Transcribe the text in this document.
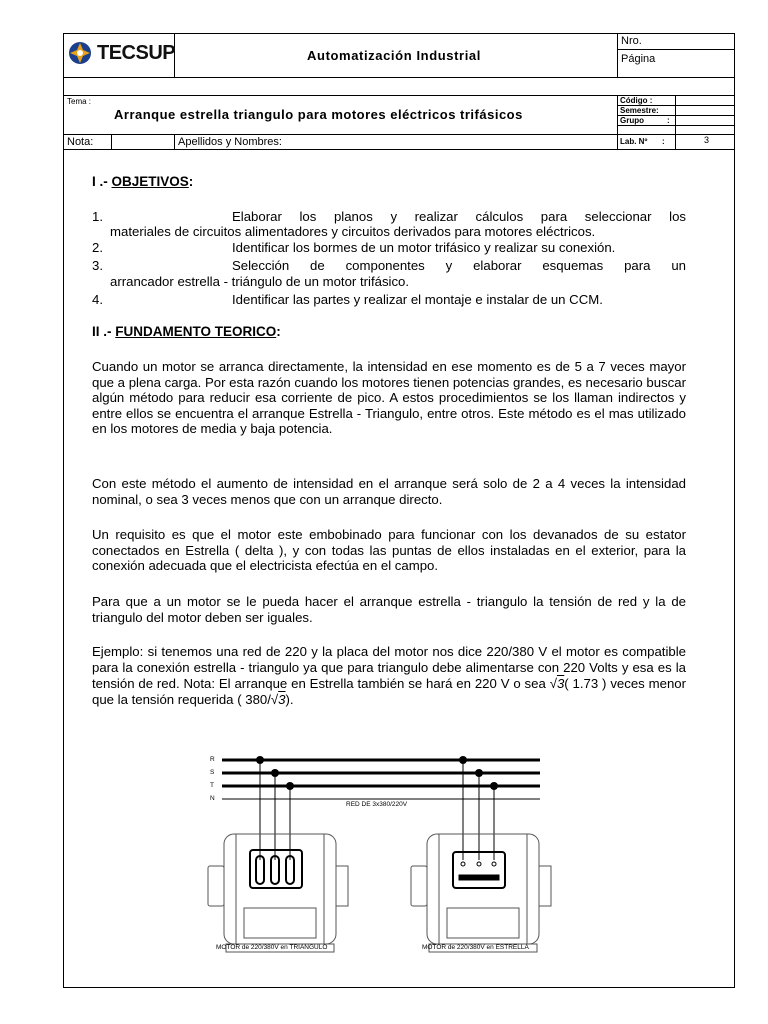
TECSUP	Automatización Industrial
Nro.
Página
Tema :
Arranque estrella triangulo para motores eléctricos trifásicos
Código :
Semestre:
Grupo	:
Lab. Nº :	3
Nota:	Apellidos y Nombres:
I .- OBJETIVOS:
1.	Elaborar los planos y realizar cálculos para seleccionar los
materiales de circuitos alimentadores y circuitos derivados para motores eléctricos.
2.	Identificar los bormes de un motor trifásico y realizar su conexión.
3.	Selección de componentes y elaborar esquemas para un
arrancador estrella - triángulo de un motor trifásico.
4.	Identificar las partes y realizar el montaje e instalar de un CCM.
II .- FUNDAMENTO TEORICO:
Cuando un motor se arranca directamente, la intensidad en ese momento es de 5 a 7 veces mayor que a plena carga. Por esta razón cuando los motores tienen potencias grandes, es necesario buscar algún método para reducir esa corriente de pico. A estos procedimientos se los llaman indirectos y entre ellos se encuentra el arranque Estrella - Triangulo, entre otros. Este método es el mas utilizado en los motores de media y baja potencia.
Con este método el aumento de intensidad en el arranque será solo de 2 a 4 veces la intensidad nominal, o sea 3 veces menos que con un arranque directo.
Un requisito es que el motor este embobinado para funcionar con los devanados de su estator conectados en Estrella ( delta ), y con todas las puntas de ellos instaladas en el exterior, para la conexión adecuada que el electricista efectúa en el campo.
Para que a un motor se le pueda hacer el arranque estrella - triangulo la tensión de red y la de triangulo del motor deben ser iguales.
Ejemplo: si tenemos una red de 220 y la placa del motor nos dice 220/380 V el motor es compatible para la conexión estrella - triangulo ya que para triangulo debe alimentarse con 220 Volts y esa es la tensión de red. Nota: El arranque en Estrella también se hará en 220 V o sea √3( 1.73 ) veces menor que la tensión requerida ( 380/√3).
R
S
T
N
RED DE 3x380/220V
MOTOR de 220/380V en TRIANGULO	MOTOR de 220/380V en ESTRELLA
